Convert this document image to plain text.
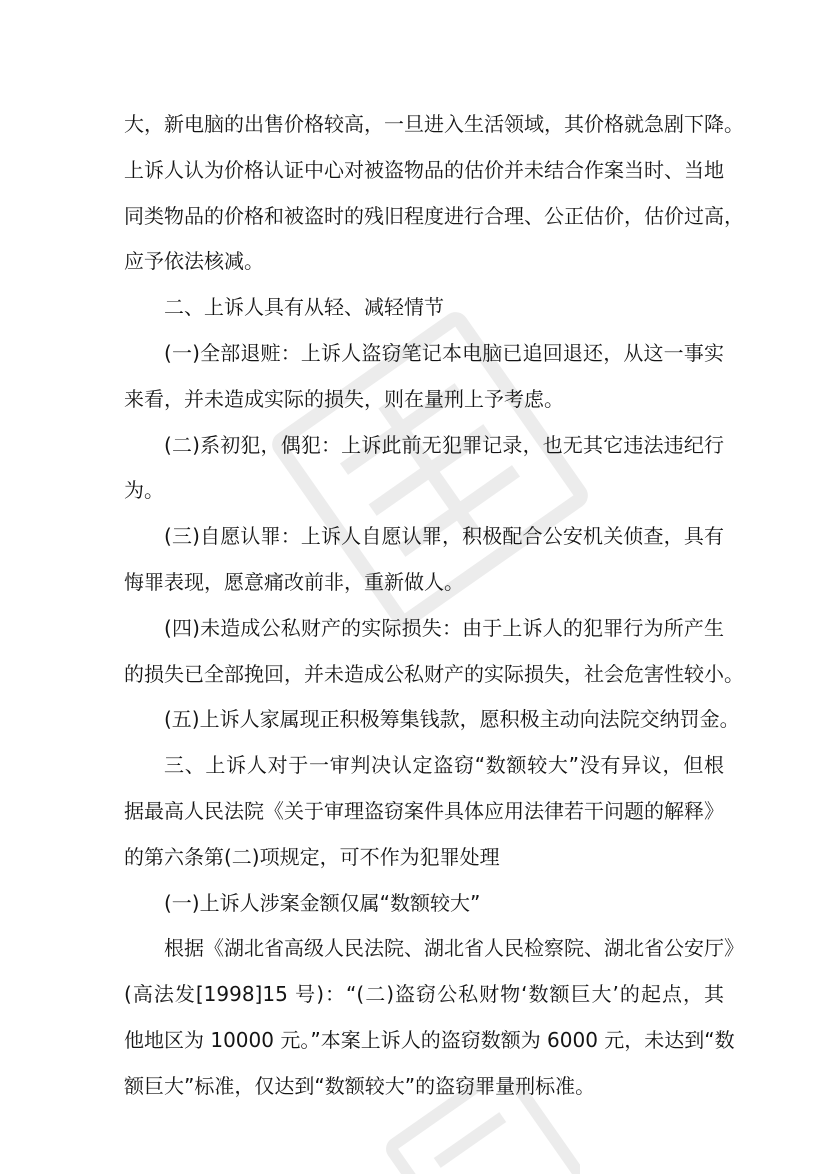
大，新电脑的出售价格较高，一旦进入生活领域，其价格就急剧下降。
上诉人认为价格认证中心对被盗物品的估价并未结合作案当时、当地
同类物品的价格和被盗时的残旧程度进行合理、公正估价，估价过高，
应予依法核减。
二、上诉人具有从轻、减轻情节
(一)全部退赃：上诉人盗窃笔记本电脑已追回退还，从这一事实
来看，并未造成实际的损失，则在量刑上予考虑。
(二)系初犯，偶犯：上诉此前无犯罪记录，也无其它违法违纪行
为。
(三)自愿认罪：上诉人自愿认罪，积极配合公安机关侦查，具有
悔罪表现，愿意痛改前非，重新做人。
(四)未造成公私财产的实际损失：由于上诉人的犯罪行为所产生
的损失已全部挽回，并未造成公私财产的实际损失，社会危害性较小。
(五)上诉人家属现正积极筹集钱款，愿积极主动向法院交纳罚金。
三、上诉人对于一审判决认定盗窃“数额较大”没有异议，但根
据最高人民法院《关于审理盗窃案件具体应用法律若干问题的解释》
的第六条第(二)项规定，可不作为犯罪处理
(一)上诉人涉案金额仅属“数额较大”
根据《湖北省高级人民法院、湖北省人民检察院、湖北省公安厅》
(高法发[1998]15 号)：“(二)盗窃公私财物‘数额巨大’的起点，其
他地区为 10000 元。”本案上诉人的盗窃数额为 6000 元，未达到“数
额巨大”标准，仅达到“数额较大”的盗窃罪量刑标准。
